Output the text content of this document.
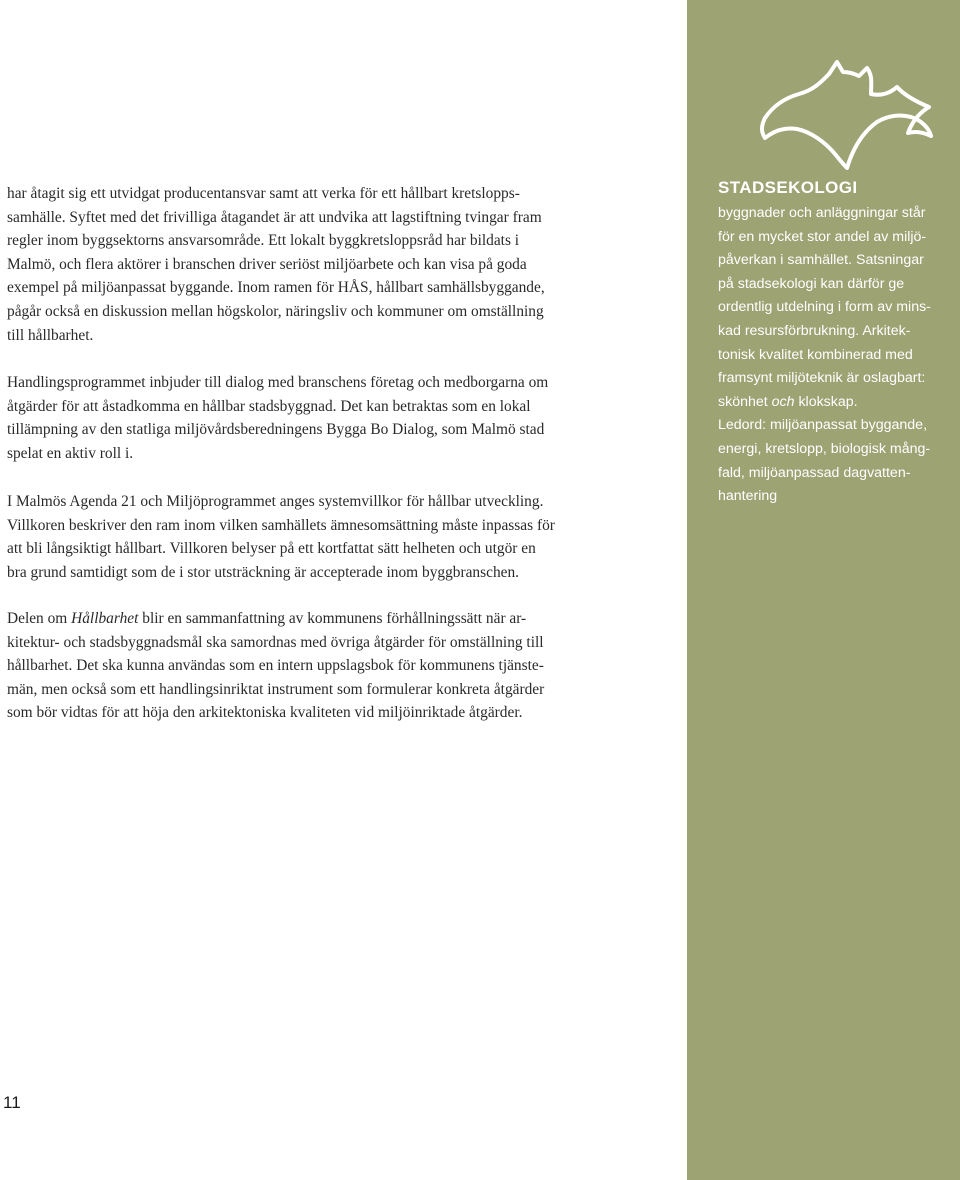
har åtagit sig ett utvidgat producentansvar samt att verka för ett hållbart kretslopps-
samhälle. Syftet med det frivilliga åtagandet är att undvika att lagstiftning tvingar fram
regler inom byggsektorns ansvarsområde. Ett lokalt byggkretsloppsråd har bildats i
Malmö, och flera aktörer i branschen driver seriöst miljöarbete och kan visa på goda
exempel på miljöanpassat byggande. Inom ramen för HÅS, hållbart samhällsbyggande,
pågår också en diskussion mellan högskolor, näringsliv och kommuner om omställning
till hållbarhet.

Handlingsprogrammet inbjuder till dialog med branschens företag och medborgarna om
åtgärder för att åstadkomma en hållbar stadsbyggnad. Det kan betraktas som en lokal
tillämpning av den statliga miljövårdsberedningens Bygga Bo Dialog, som Malmö stad
spelat en aktiv roll i.

I Malmös Agenda 21 och Miljöprogrammet anges systemvillkor för hållbar utveckling.
Villkoren beskriver den ram inom vilken samhällets ämnesomsättning måste inpassas för
att bli långsiktigt hållbart. Villkoren belyser på ett kortfattat sätt helheten och utgör en
bra grund samtidigt som de i stor utsträckning är accepterade inom byggbranschen.

Delen om Hållbarhet blir en sammanfattning av kommunens förhållningssätt när ar-
kitektur- och stadsbyggnadsmål ska samordnas med övriga åtgärder för omställning till
hållbarhet. Det ska kunna användas som en intern uppslagsbok för kommunens tjänste-
män, men också som ett handlingsinriktat instrument som formulerar konkreta åtgärder
som bör vidtas för att höja den arkitektoniska kvaliteten vid miljöinriktade åtgärder.

11
STADSEKOLOGI

byggnader och anläggningar står
för en mycket stor andel av miljö-
påverkan i samhället. Satsningar
på stadsekologi kan därför ge
ordentlig utdelning i form av mins-
kad resursförbrukning. Arkitek-
tonisk kvalitet kombinerad med
framsynt miljöteknik är oslagbart:
skönhet och klokskap.
Ledord: miljöanpassat byggande,
energi, kretslopp, biologisk mång-
fald, miljöanpassad dagvatten-
hantering
